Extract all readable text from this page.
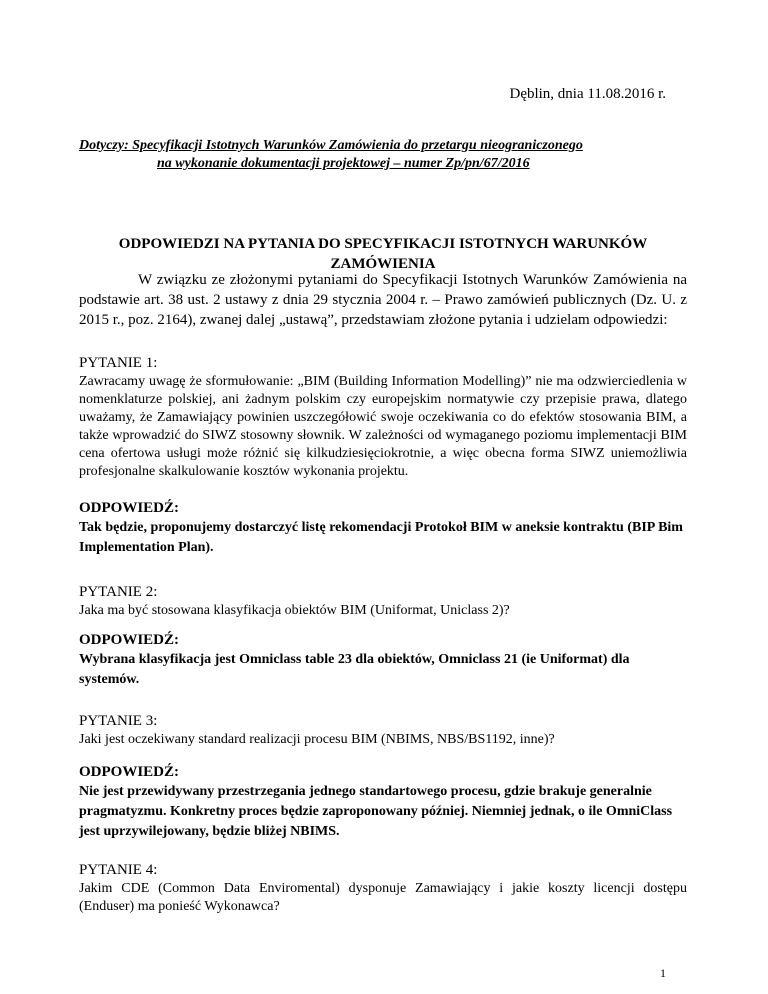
Dęblin, dnia 11.08.2016 r.
Dotyczy: Specyfikacji Istotnych Warunków Zamówienia do przetargu nieograniczonego
na wykonanie dokumentacji projektowej – numer Zp/pn/67/2016
ODPOWIEDZI NA PYTANIA DO SPECYFIKACJI ISTOTNYCH WARUNKÓW ZAMÓWIENIA
W związku ze złożonymi pytaniami do Specyfikacji Istotnych Warunków Zamówienia na podstawie art. 38 ust. 2 ustawy z dnia 29 stycznia 2004 r. – Prawo zamówień publicznych (Dz. U. z 2015 r., poz. 2164), zwanej dalej „ustawą”, przedstawiam złożone pytania i udzielam odpowiedzi:
PYTANIE 1:
Zawracamy uwagę że sformułowanie: „BIM (Building Information Modelling)” nie ma odzwierciedlenia w nomenklaturze polskiej, ani żadnym polskim czy europejskim normatywie czy przepisie prawa, dlatego uważamy, że Zamawiający powinien uszczegółowić swoje oczekiwania co do efektów stosowania BIM, a także wprowadzić do SIWZ stosowny słownik. W zależności od wymaganego poziomu implementacji BIM cena ofertowa usługi może różnić się kilkudziesięciokrotnie, a więc obecna forma SIWZ uniemożliwia profesjonalne skalkulowanie kosztów wykonania projektu.
ODPOWIEDŹ:
Tak będzie, proponujemy dostarczyć listę rekomendacji Protokoł BIM w aneksie kontraktu (BIP Bim Implementation Plan).
PYTANIE 2:
Jaka ma być stosowana klasyfikacja obiektów BIM (Uniformat, Uniclass 2)?
ODPOWIEDŹ:
Wybrana klasyfikacja jest Omniclass table 23 dla obiektów, Omniclass 21 (ie Uniformat) dla systemów.
PYTANIE 3:
Jaki jest oczekiwany standard realizacji procesu BIM (NBIMS, NBS/BS1192, inne)?
ODPOWIEDŹ:
Nie jest przewidywany przestrzegania jednego standartowego procesu, gdzie brakuje generalnie pragmatyzmu. Konkretny proces będzie zaproponowany później. Niemniej jednak, o ile OmniClass jest uprzywilejowany, będzie bliżej NBIMS.
PYTANIE 4:
Jakim CDE (Common Data Enviromental) dysponuje Zamawiający i jakie koszty licencji dostępu (Enduser) ma ponieść Wykonawca?
1
